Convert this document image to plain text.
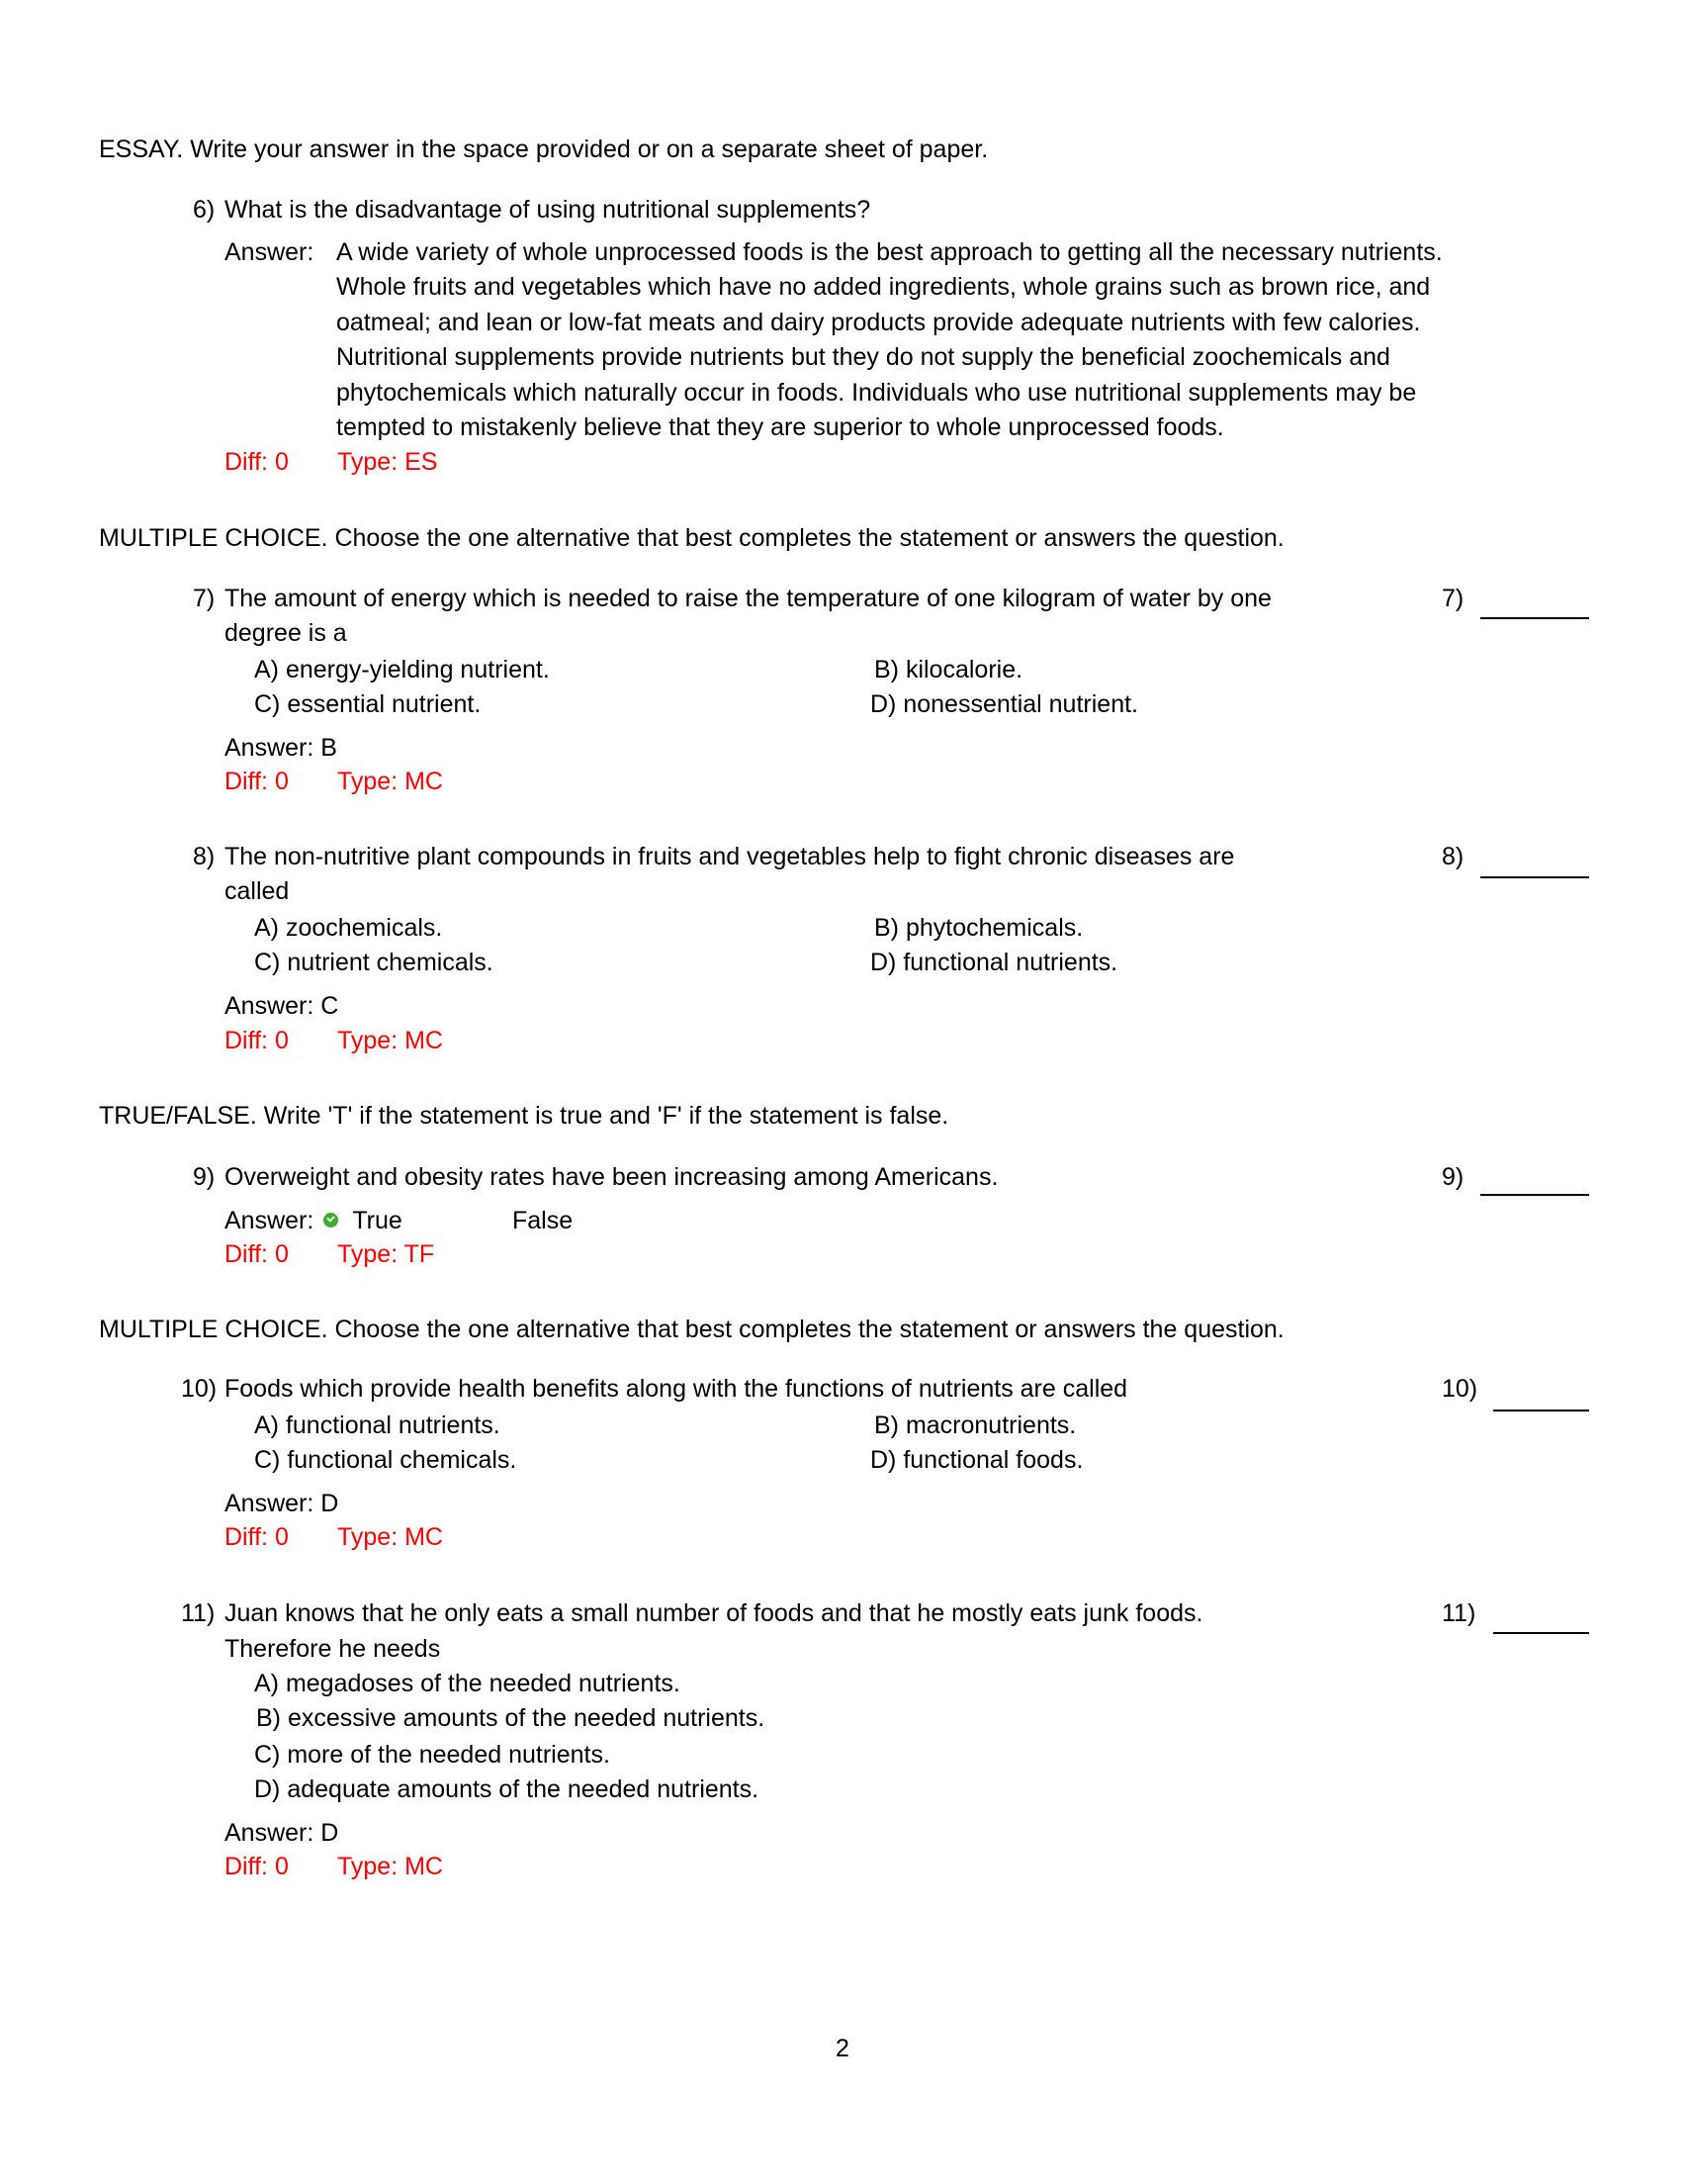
ESSAY. Write your answer in the space provided or on a separate sheet of paper.
6) What is the disadvantage of using nutritional supplements?
Answer: A wide variety of whole unprocessed foods is the best approach to getting all the necessary nutrients.
Whole fruits and vegetables which have no added ingredients, whole grains such as brown rice, and
oatmeal; and lean or low-fat meats and dairy products provide adequate nutrients with few calories.
Nutritional supplements provide nutrients but they do not supply the beneficial zoochemicals and
phytochemicals which naturally occur in foods. Individuals who use nutritional supplements may be
tempted to mistakenly believe that they are superior to whole unprocessed foods.
Diff: 0 Type: ES
MULTIPLE CHOICE. Choose the one alternative that best completes the statement or answers the question.
7) The amount of energy which is needed to raise the temperature of one kilogram of water by one
degree is a
A) energy-yielding nutrient.	B) kilocalorie.
C) essential nutrient.	D) nonessential nutrient.
Answer: B
Diff: 0 Type: MC
7)
8) The non-nutritive plant compounds in fruits and vegetables help to fight chronic diseases are
called
A) zoochemicals.	B) phytochemicals.
C) nutrient chemicals.	D) functional nutrients.
Answer: C
Diff: 0 Type: MC
8)
TRUE/FALSE. Write 'T' if the statement is true and 'F' if the statement is false.
9) Overweight and obesity rates have been increasing among Americans.
Answer: True	False
Diff: 0 Type: TF
9)
MULTIPLE CHOICE. Choose the one alternative that best completes the statement or answers the question.
10) Foods which provide health benefits along with the functions of nutrients are called
A) functional nutrients.	B) macronutrients.
C) functional chemicals.	D) functional foods.
Answer: D
Diff: 0 Type: MC
10)
11) Juan knows that he only eats a small number of foods and that he mostly eats junk foods.
Therefore he needs
A) megadoses of the needed nutrients.
B) excessive amounts of the needed nutrients.
C) more of the needed nutrients.
D) adequate amounts of the needed nutrients.
Answer: D
Diff: 0 Type: MC
11)
2
